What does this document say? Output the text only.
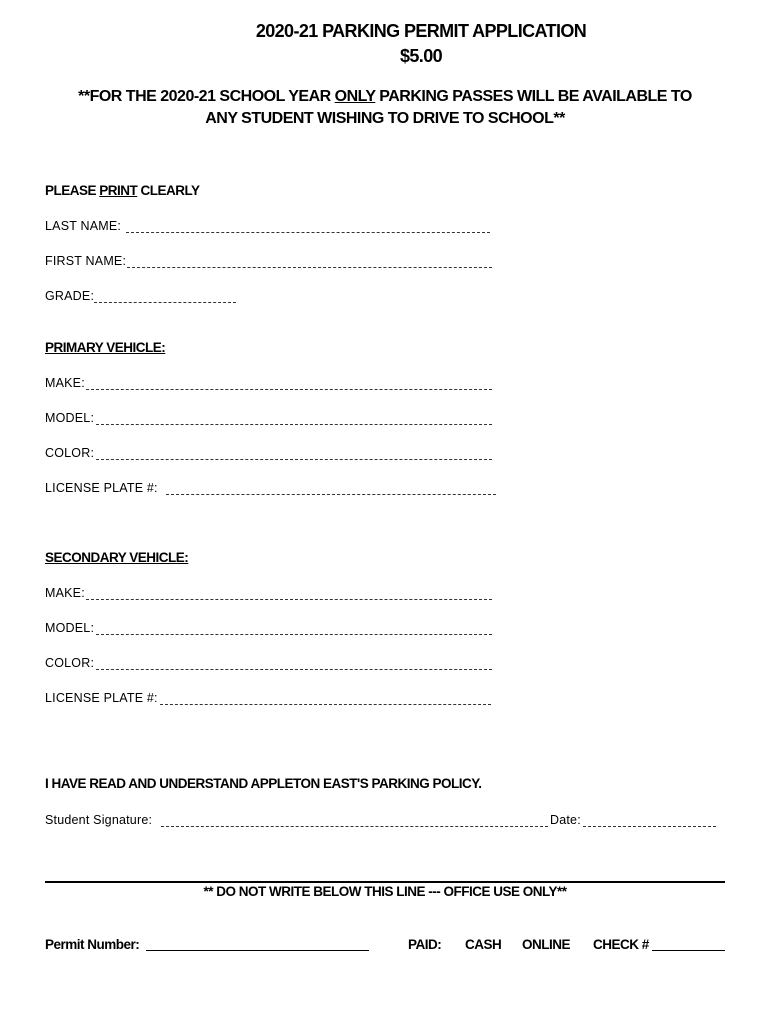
2020-21 PARKING PERMIT APPLICATION
$5.00
**FOR THE 2020-21 SCHOOL YEAR ONLY PARKING PASSES WILL BE AVAILABLE TO
ANY STUDENT WISHING TO DRIVE TO SCHOOL**
PLEASE PRINT CLEARLY
LAST NAME:
FIRST NAME:
GRADE:
PRIMARY VEHICLE:
MAKE:
MODEL:
COLOR:
LICENSE PLATE #:
SECONDARY VEHICLE:
MAKE:
MODEL:
COLOR:
LICENSE PLATE #:
I HAVE READ AND UNDERSTAND APPLETON EAST'S PARKING POLICY.
Student Signature:	Date:
** DO NOT WRITE BELOW THIS LINE --- OFFICE USE ONLY**
Permit Number:	PAID: CASH ONLINE CHECK #
